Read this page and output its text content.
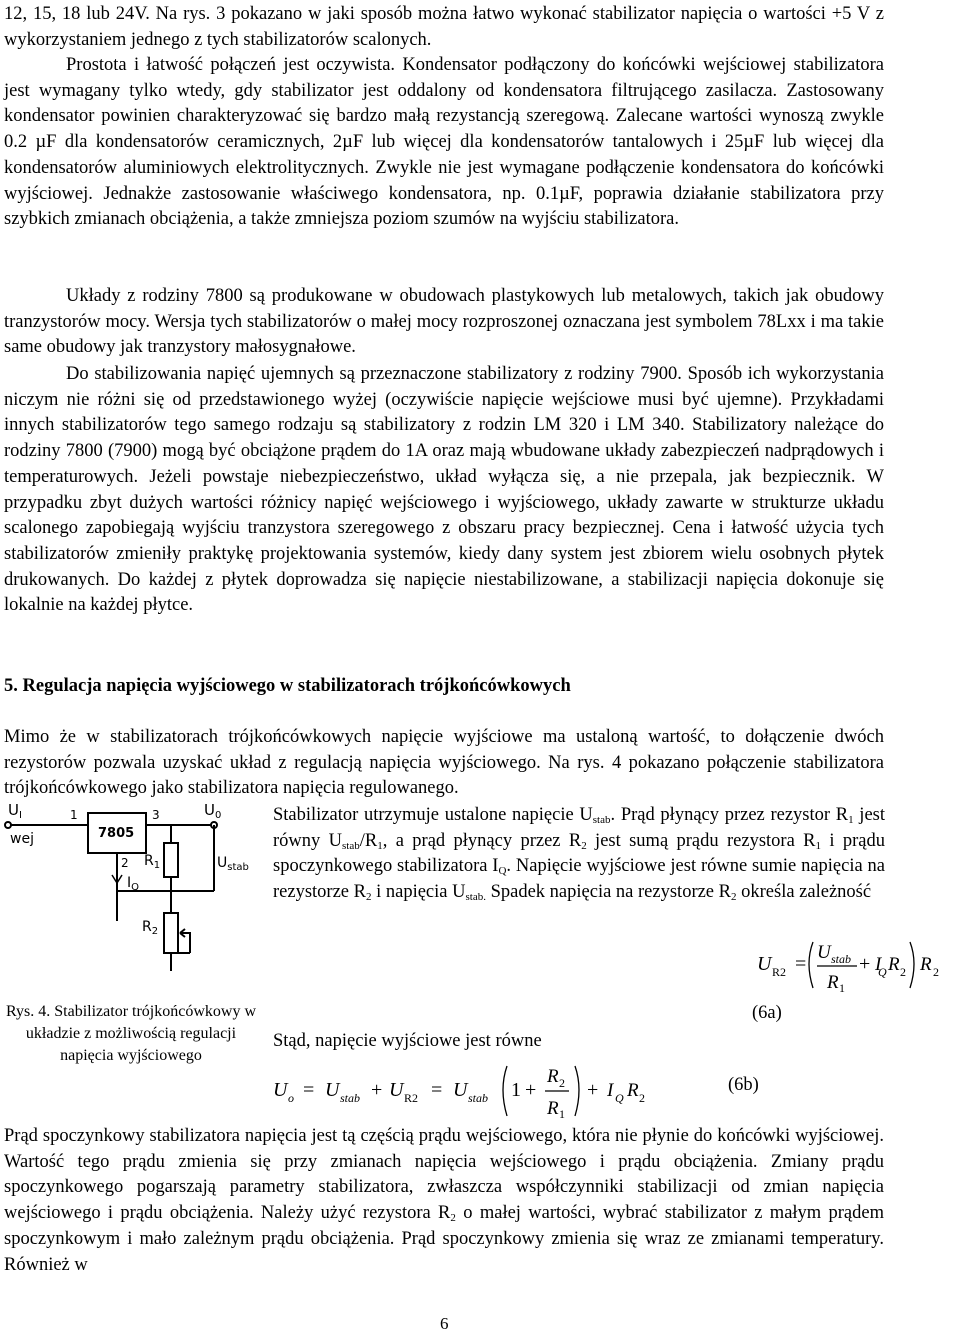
12, 15, 18 lub 24V. Na rys. 3 pokazano w jaki sposób można łatwo wykonać stabilizator napięcia o wartości +5 V z wykorzystaniem jednego z tych stabilizatorów scalonych.

Prostota i łatwość połączeń jest oczywista. Kondensator podłączony do końcówki wejściowej stabilizatora jest wymagany tylko wtedy, gdy stabilizator jest oddalony od kondensatora filtrującego zasilacza. Zastosowany kondensator powinien charakteryzować się bardzo małą rezystancją szeregową. Zalecane wartości wynoszą zwykle 0.2 µF dla kondensatorów ceramicznych, 2µF lub więcej dla kondensatorów tantalowych i 25µF lub więcej dla kondensatorów aluminiowych elektrolitycznych. Zwykle nie jest wymagane podłączenie kondensatora do końcówki wyjściowej. Jednakże zastosowanie właściwego kondensatora, np. 0.1µF, poprawia działanie stabilizatora przy szybkich zmianach obciążenia, a także zmniejsza poziom szumów na wyjściu stabilizatora.

Układy z rodziny 7800 są produkowane w obudowach plastykowych lub metalowych, takich jak obudowy tranzystorów mocy. Wersja tych stabilizatorów o małej mocy rozproszonej oznaczana jest symbolem 78Lxx i ma takie same obudowy jak tranzystory małosygnałowe.

Do stabilizowania napięć ujemnych są przeznaczone stabilizatory z rodziny 7900. Sposób ich wykorzystania niczym nie różni się od przedstawionego wyżej (oczywiście napięcie wejściowe musi być ujemne). Przykładami innych stabilizatorów tego samego rodzaju są stabilizatory z rodzin LM 320 i LM 340. Stabilizatory należące do rodziny 7800 (7900) mogą być obciążone prądem do 1A oraz mają wbudowane układy zabezpieczeń nadprądowych i temperaturowych. Jeżeli powstaje niebezpieczeństwo, układ wyłącza się, a nie przepala, jak bezpiecznik. W przypadku zbyt dużych wartości różnicy napięć wejściowego i wyjściowego, układy zawarte w strukturze układu scalonego zapobiegają wyjściu tranzystora szeregowego z obszaru pracy bezpiecznej. Cena i łatwość użycia tych stabilizatorów zmieniły praktykę projektowania systemów, kiedy dany system jest zbiorem wielu osobnych płytek drukowanych. Do każdej z płytek doprowadza się napięcie niestabilizowane, a stabilizacji napięcia dokonuje się lokalnie na każdej płytce.

5. Regulacja napięcia wyjściowego w stabilizatorach trójkońcówkowych

Mimo że w stabilizatorach trójkońcówkowych napięcie wyjściowe ma ustaloną wartość, to dołączenie dwóch rezystorów pozwala uzyskać układ z regulacją napięcia wyjściowego. Na rys. 4 pokazano połączenie stabilizatora trójkońcówkowego jako stabilizatora napięcia regulowanego.

$U_I$
wej
1	3
2
7805
$U_0$
$R_1$
$I_Q$
$U_{stab}$
$R_2$
Rys. 4. Stabilizator trójkońcówkowy w układzie z możliwością regulacji napięcia wyjściowego

Stabilizator utrzymuje ustalone napięcie $U_{stab}$. Prąd płynący przez rezystor $R_1$ jest równy $U_{stab}/R_1$, a prąd płynący przez $R_2$ jest sumą prądu rezystora $R_1$ i prądu spoczynkowego stabilizatora $I_Q$. Napięcie wyjściowe jest równe sumie napięcia na rezystorze $R_2$ i napięcia $U_{stab.}$ Spadek napięcia na rezystorze $R_2$ określa zależność

U R2 =
U stab
R 1
+ I
Q R 2 R 2
(6a)

Stąd, napięcie wyjściowe jest równe

U o = U stab + U R2 = U stab 1 +
R 2
R 1
+ I Q R 2
(6b)

Prąd spoczynkowy stabilizatora napięcia jest tą częścią prądu wejściowego, która nie płynie do końcówki wyjściowej. Wartość tego prądu zmienia się przy zmianach napięcia wejściowego i prądu obciążenia. Zmiany prądu spoczynkowego pogarszają parametry stabilizatora, zwłaszcza współczynniki stabilizacji od zmian napięcia wejściowego i prądu obciążenia. Należy użyć rezystora $R_2$ o małej wartości, wybrać stabilizator z małym prądem spoczynkowym i mało zależnym prądu obciążenia. Prąd spoczynkowy zmienia się wraz ze zmianami temperatury. Również w

6
